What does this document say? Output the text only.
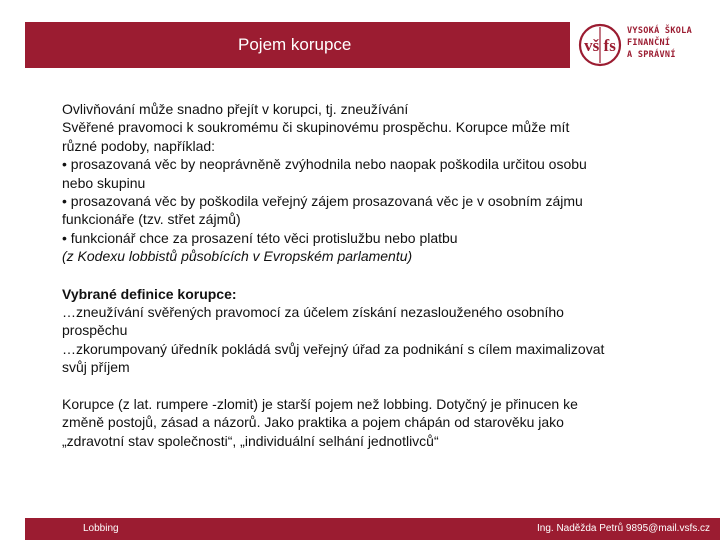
Pojem korupce	vš fs
VYSOKÁ ŠKOLA
FINANČNÍ
A SPRÁVNÍ

Ovlivňování může snadno přejít v korupci, tj. zneužívání

Svěřené pravomoci k soukromému či skupinovému prospěchu. Korupce může mít

různé podoby, například:

• prosazovaná věc by neoprávněně zvýhodnila nebo naopak poškodila určitou osobu

nebo skupinu

• prosazovaná věc by poškodila veřejný zájem prosazovaná věc je v osobním zájmu

funkcionáře (tzv. střet zájmů)

• funkcionář chce za prosazení této věci protislužbu nebo platbu

(z Kodexu lobbistů působících v Evropském parlamentu)

Vybrané definice korupce:

…zneužívání svěřených pravomocí za účelem získání nezaslouženého osobního

prospěchu

…zkorumpovaný úředník pokládá svůj veřejný úřad za podnikání s cílem maximalizovat

svůj příjem

Korupce (z lat. rumpere -zlomit) je starší pojem než lobbing. Dotyčný je přinucen ke

změně postojů, zásad a názorů. Jako praktika a pojem chápán od starověku jako

„zdravotní stav společnosti“, „individuální selhání jednotlivců“

Lobbing	Ing. Naděžda Petrů 9895@mail.vsfs.cz
